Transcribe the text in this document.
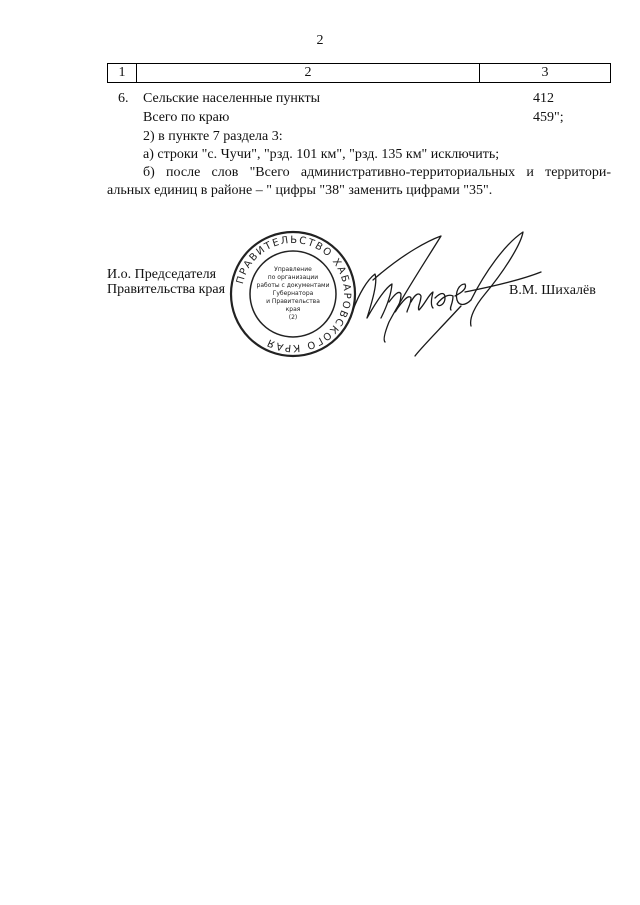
2
1	2	3
6. Сельские населенные пункты	412
Всего по краю	459";
2) в пункте 7 раздела 3:
а) строки "с. Чучи", "рзд. 101 км", "рзд. 135 км" исключить;
б) после слов "Всего административно-территориальных и территори-
альных единиц в районе – " цифры "38" заменить цифрами "35".
И.о. Председателя
Правительства края
ПРАВИТЕЛЬСТВО ХАБАРОВСКОГО КРАЯ
Управление
по организации
работы с документами
Губернатора
и Правительства
края
(2)
В.М. Шихалёв
